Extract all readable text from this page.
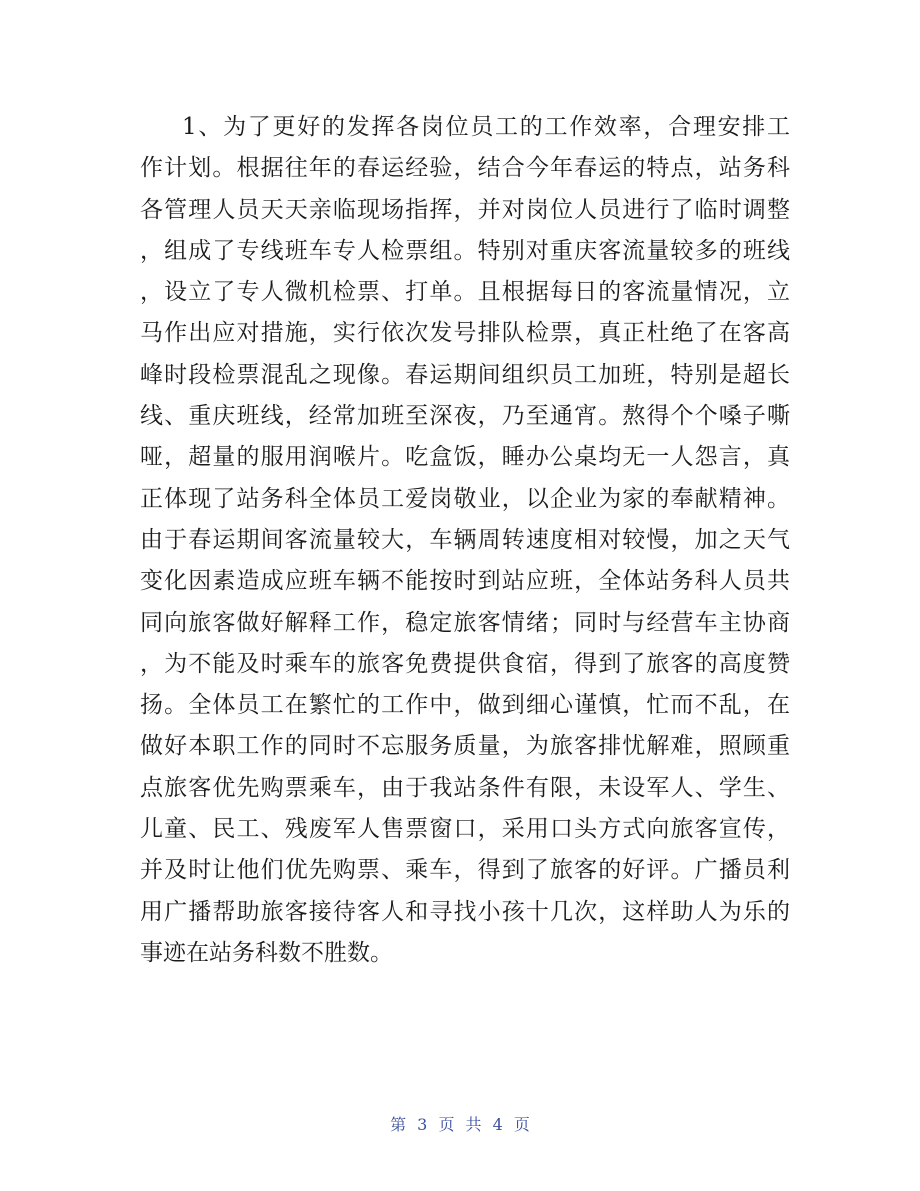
1、为了更好的发挥各岗位员工的工作效率，合理安排工
作计划。根据往年的春运经验，结合今年春运的特点，站务科
各管理人员天天亲临现场指挥，并对岗位人员进行了临时调整
，组成了专线班车专人检票组。特别对重庆客流量较多的班线
，设立了专人微机检票、打单。且根据每日的客流量情况，立
马作出应对措施，实行依次发号排队检票，真正杜绝了在客高
峰时段检票混乱之现像。春运期间组织员工加班，特别是超长
线、重庆班线，经常加班至深夜，乃至通宵。熬得个个嗓子嘶
哑，超量的服用润喉片。吃盒饭，睡办公桌均无一人怨言，真
正体现了站务科全体员工爱岗敬业，以企业为家的奉献精神。
由于春运期间客流量较大，车辆周转速度相对较慢，加之天气
变化因素造成应班车辆不能按时到站应班，全体站务科人员共
同向旅客做好解释工作，稳定旅客情绪；同时与经营车主协商
，为不能及时乘车的旅客免费提供食宿，得到了旅客的高度赞
扬。全体员工在繁忙的工作中，做到细心谨慎，忙而不乱，在
做好本职工作的同时不忘服务质量，为旅客排忧解难，照顾重
点旅客优先购票乘车，由于我站条件有限，未设军人、学生、
儿童、民工、残废军人售票窗口，采用口头方式向旅客宣传，
并及时让他们优先购票、乘车，得到了旅客的好评。广播员利
用广播帮助旅客接待客人和寻找小孩十几次，这样助人为乐的
事迹在站务科数不胜数。
第 3 页 共 4 页
